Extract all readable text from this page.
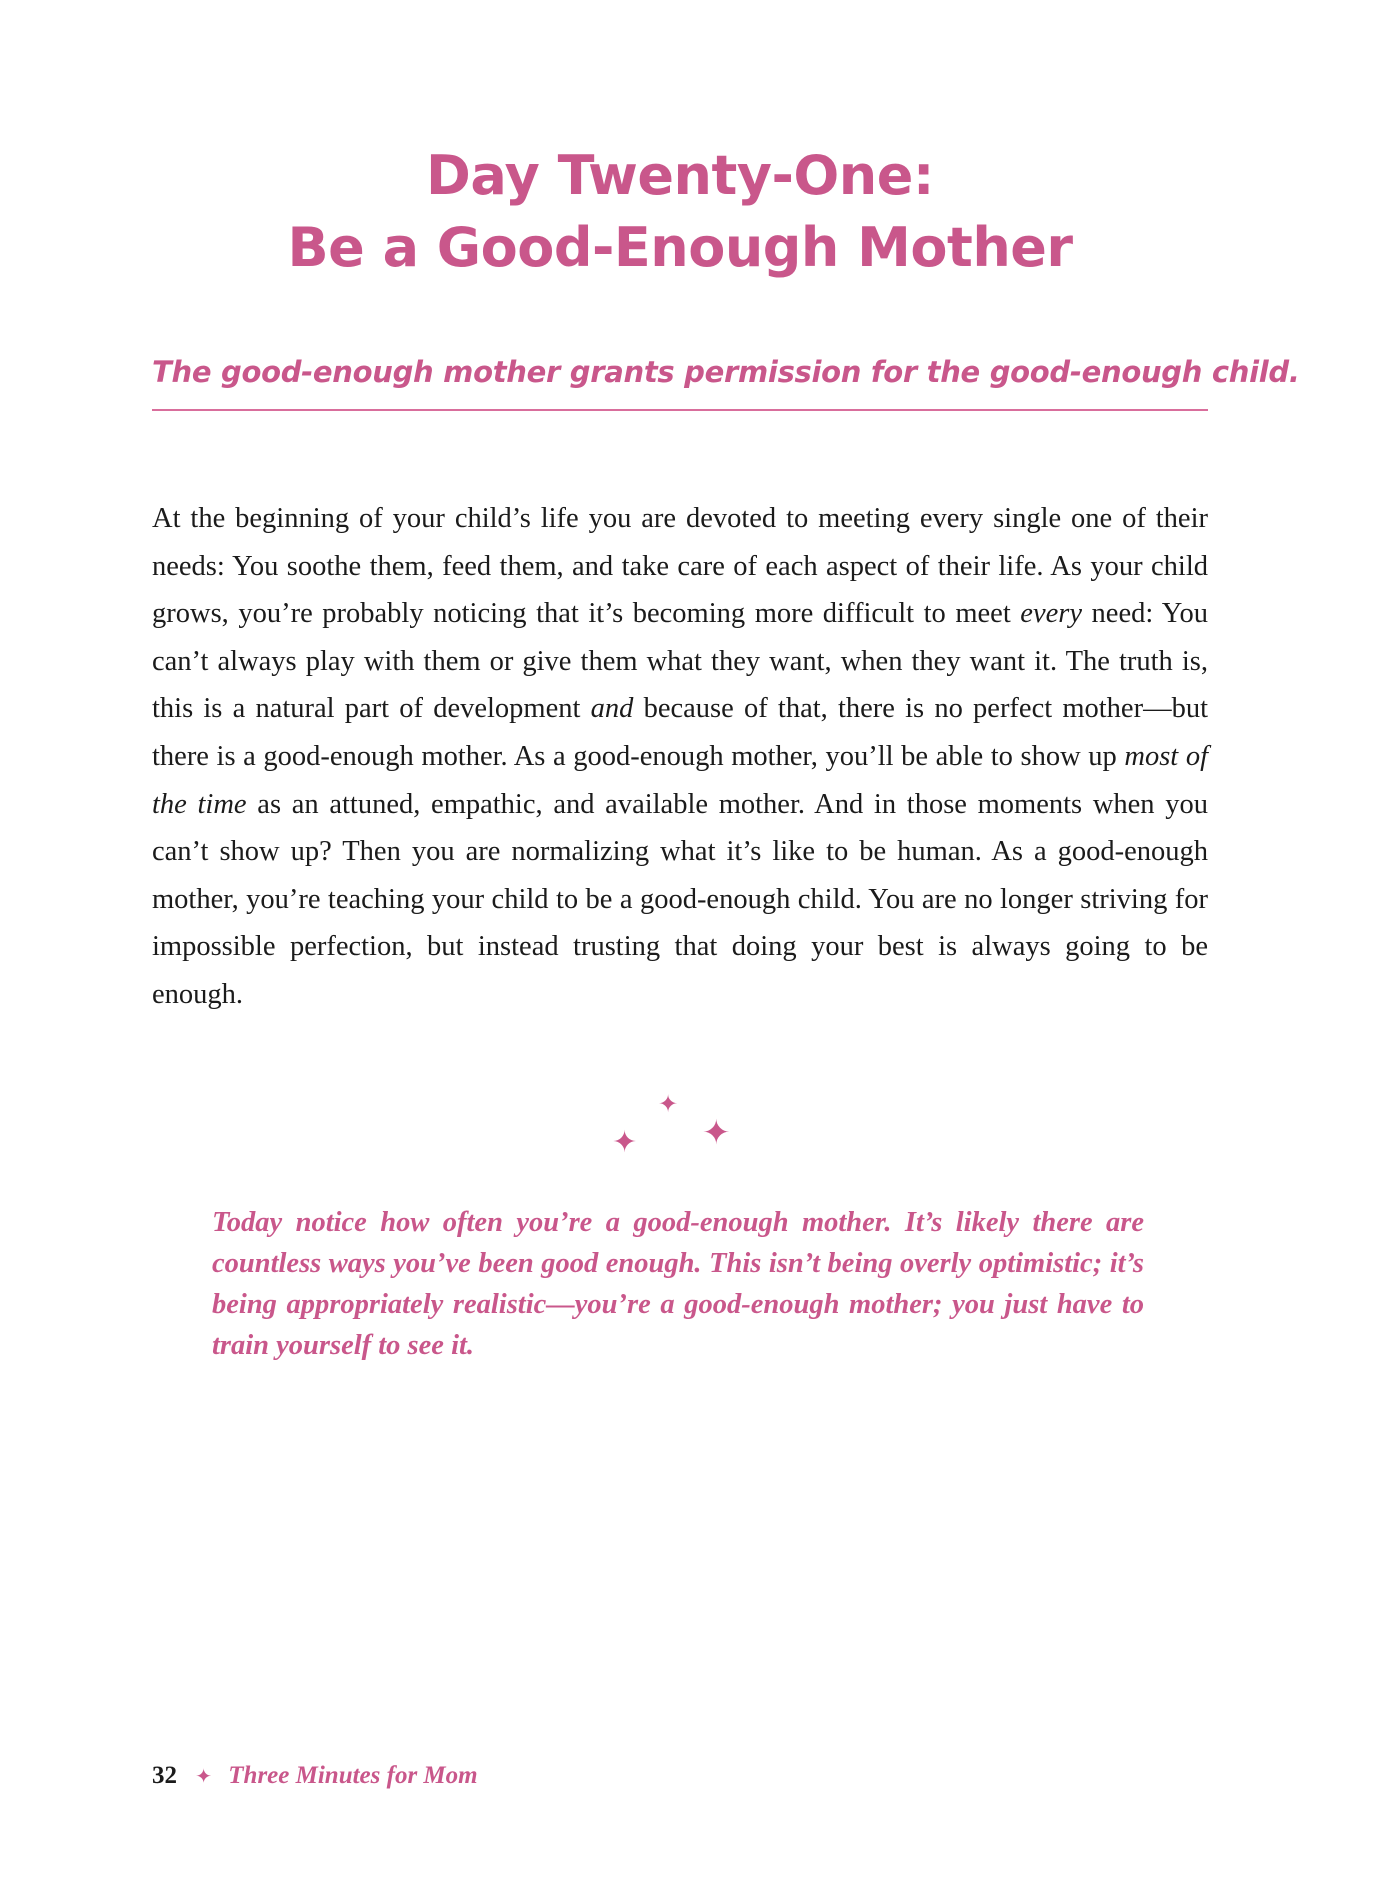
Day Twenty-One:
Be a Good-Enough Mother

The good-enough mother grants permission for the good-enough child.

At the beginning of your child’s life you are devoted to meeting every single one of their needs: You soothe them, feed them, and take care of each aspect of their life. As your child grows, you’re probably noticing that it’s becoming more difficult to meet every need: You can’t always play with them or give them what they want, when they want it. The truth is, this is a natural part of development and because of that, there is no perfect mother—but there is a good-enough mother. As a good-enough mother, you’ll be able to show up most of the time as an attuned, empathic, and available mother. And in those moments when you can’t show up? Then you are normalizing what it’s like to be human. As a good-enough mother, you’re teaching your child to be a good-enough child. You are no longer striving for impossible perfection, but instead trusting that doing your best is always going to be enough.

✦
✦ ✦

Today notice how often you’re a good-enough mother. It’s likely there are countless ways you’ve been good enough. This isn’t being overly optimistic; it’s being appropriately realistic—you’re a good-enough mother; you just have to train yourself to see it.

32 ✦ Three Minutes for Mom
